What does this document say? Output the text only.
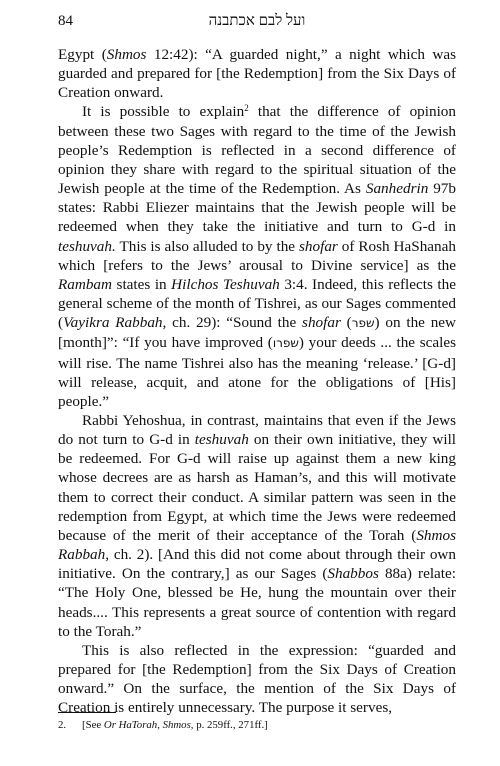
84	ועל לבם אכתבנה

Egypt (Shmos 12:42): “A guarded night,” a night which was guarded and prepared for [the Redemption] from the Six Days of Creation onward.

It is possible to explain$^2$ that the difference of opinion between these two Sages with regard to the time of the Jewish people’s Redemption is reflected in a second difference of opinion they share with regard to the spiritual situation of the Jewish people at the time of the Redemption. As Sanhedrin 97b states: Rabbi Eliezer maintains that the Jewish people will be redeemed when they take the initiative and turn to G-d in teshuvah. This is also alluded to by the shofar of Rosh HaShanah which [refers to the Jews’ arousal to Divine service] as the Rambam states in Hilchos Teshuvah 3:4. Indeed, this reflects the general scheme of the month of Tishrei, as our Sages commented (Vayikra Rabbah, ch. 29): “Sound the shofar (שפר) on the new [month]”: “If you have improved (שפרו) your deeds ... the scales will rise. The name Tishrei also has the meaning ‘release.’ [G-d] will release, acquit, and atone for the obligations of [His] people.”

Rabbi Yehoshua, in contrast, maintains that even if the Jews do not turn to G-d in teshuvah on their own initiative, they will be redeemed. For G-d will raise up against them a new king whose decrees are as harsh as Haman’s, and this will motivate them to correct their conduct. A similar pattern was seen in the redemption from Egypt, at which time the Jews were redeemed because of the merit of their acceptance of the Torah (Shmos Rabbah, ch. 2). [And this did not come about through their own initiative. On the contrary,] as our Sages (Shabbos 88a) relate: “The Holy One, blessed be He, hung the mountain over their heads.... This represents a great source of contention with regard to the Torah.”

This is also reflected in the expression: “guarded and prepared for [the Redemption] from the Six Days of Creation onward.” On the surface, the mention of the Six Days of Creation is entirely unnecessary. The purpose it serves,

2. [See Or HaTorah, Shmos, p. 259ff., 271ff.]
